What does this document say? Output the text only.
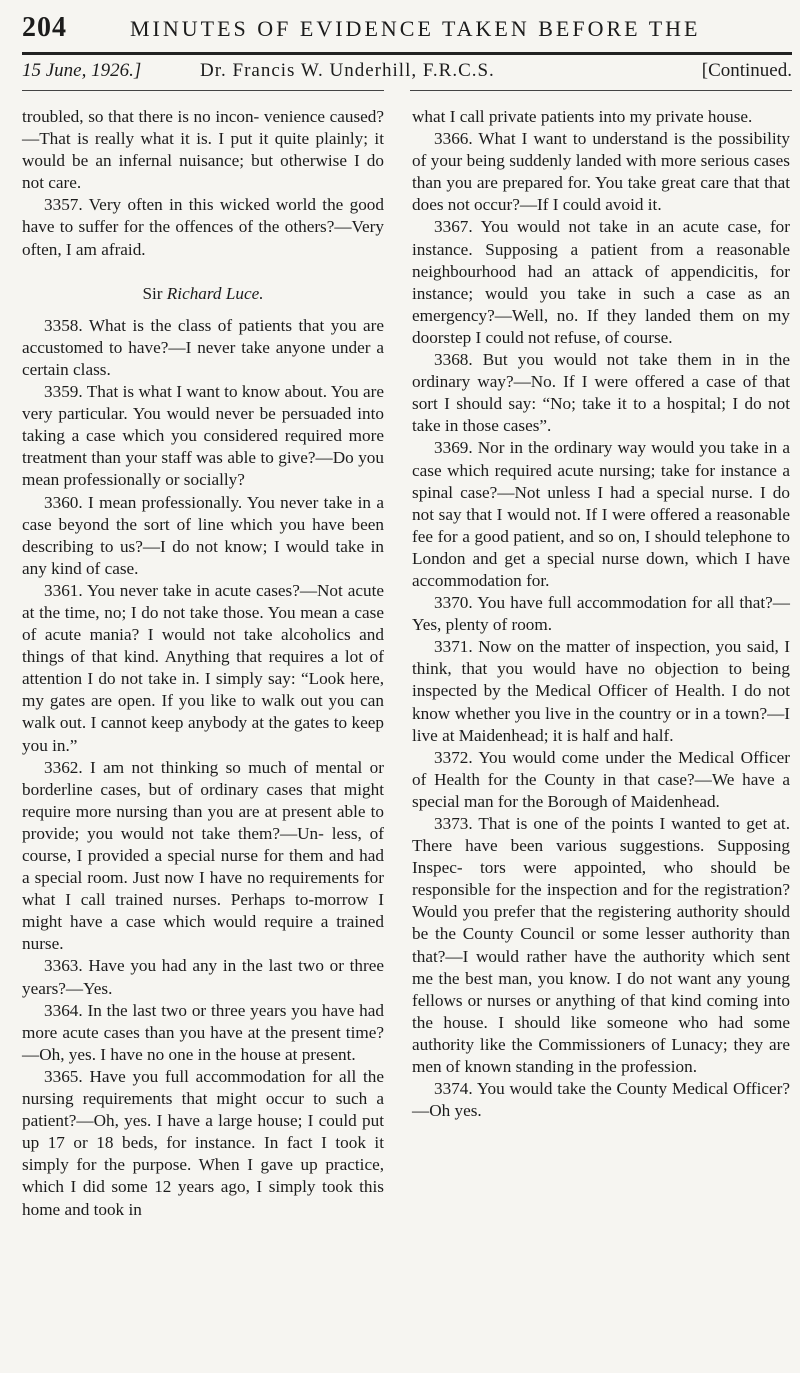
204	MINUTES OF EVIDENCE TAKEN BEFORE THE
15 June, 1926.]	Dr. Francis W. Underhill, F.R.C.S.	[Continued.

troubled, so that there is no incon- venience caused?—That is really what it is. I put it quite plainly; it would be an infernal nuisance; but otherwise I do not care.

3357. Very often in this wicked world the good have to suffer for the offences of the others?—Very often, I am afraid.

Sir Richard Luce.

3358. What is the class of patients that you are accustomed to have?—I never take anyone under a certain class.

3359. That is what I want to know about. You are very particular. You would never be persuaded into taking a case which you considered required more treatment than your staff was able to give?—Do you mean professionally or socially?

3360. I mean professionally. You never take in a case beyond the sort of line which you have been describing to us?—I do not know; I would take in any kind of case.

3361. You never take in acute cases?—Not acute at the time, no; I do not take those. You mean a case of acute mania? I would not take alcoholics and things of that kind. Anything that requires a lot of attention I do not take in. I simply say: “Look here, my gates are open. If you like to walk out you can walk out. I cannot keep anybody at the gates to keep you in.”

3362. I am not thinking so much of mental or borderline cases, but of ordinary cases that might require more nursing than you are at present able to provide; you would not take them?—Un- less, of course, I provided a special nurse for them and had a special room. Just now I have no requirements for what I call trained nurses. Perhaps to-morrow I might have a case which would require a trained nurse.

3363. Have you had any in the last two or three years?—Yes.

3364. In the last two or three years you have had more acute cases than you have at the present time?—Oh, yes. I have no one in the house at present.

3365. Have you full accommodation for all the nursing requirements that might occur to such a patient?—Oh, yes. I have a large house; I could put up 17 or 18 beds, for instance. In fact I took it simply for the purpose. When I gave up practice, which I did some 12 years ago, I simply took this home and took in

what I call private patients into my private house.

3366. What I want to understand is the possibility of your being suddenly landed with more serious cases than you are prepared for. You take great care that that does not occur?—If I could avoid it.

3367. You would not take in an acute case, for instance. Supposing a patient from a reasonable neighbourhood had an attack of appendicitis, for instance; would you take in such a case as an emergency?—Well, no. If they landed them on my doorstep I could not refuse, of course.

3368. But you would not take them in in the ordinary way?—No. If I were offered a case of that sort I should say: “No; take it to a hospital; I do not take in those cases”.

3369. Nor in the ordinary way would you take in a case which required acute nursing; take for instance a spinal case?—Not unless I had a special nurse. I do not say that I would not. If I were offered a reasonable fee for a good patient, and so on, I should telephone to London and get a special nurse down, which I have accommodation for.

3370. You have full accommodation for all that?—Yes, plenty of room.

3371. Now on the matter of inspection, you said, I think, that you would have no objection to being inspected by the Medical Officer of Health. I do not know whether you live in the country or in a town?—I live at Maidenhead; it is half and half.

3372. You would come under the Medical Officer of Health for the County in that case?—We have a special man for the Borough of Maidenhead.

3373. That is one of the points I wanted to get at. There have been various suggestions. Supposing Inspec- tors were appointed, who should be responsible for the inspection and for the registration? Would you prefer that the registering authority should be the County Council or some lesser authority than that?—I would rather have the authority which sent me the best man, you know. I do not want any young fellows or nurses or anything of that kind coming into the house. I should like someone who had some authority like the Commissioners of Lunacy; they are men of known standing in the profession.

3374. You would take the County Medical Officer?—Oh yes.
